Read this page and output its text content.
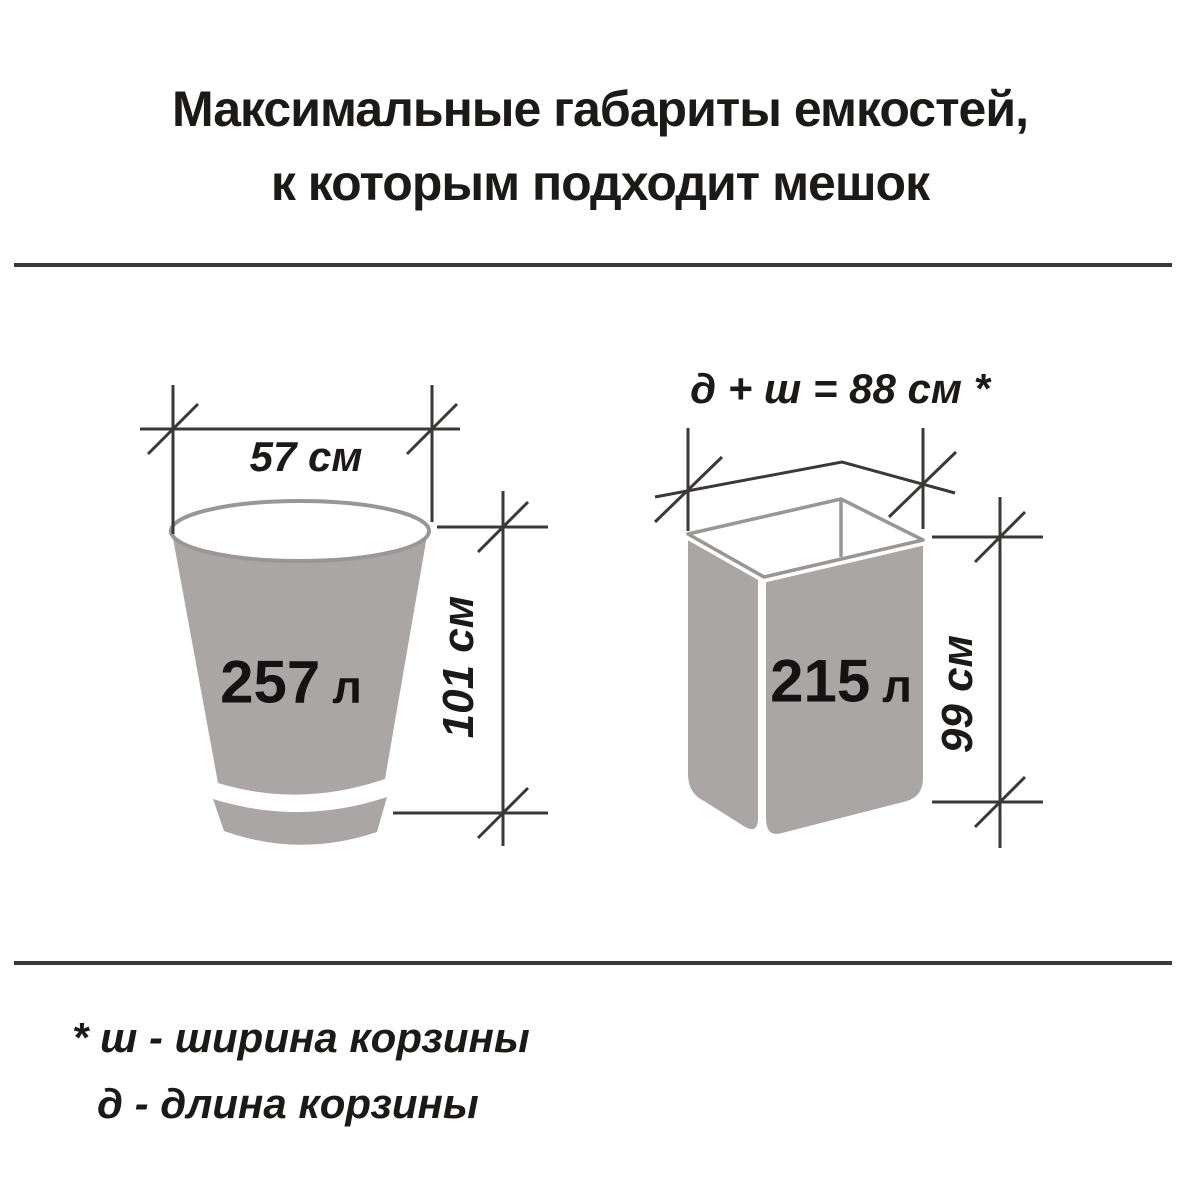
Максимальные габариты емкостей,
к которым подходит мешок
57 см
257 л 101 см
д + ш = 88 см *
215 л 99 см
* ш - ширина корзины
д - длина корзины
